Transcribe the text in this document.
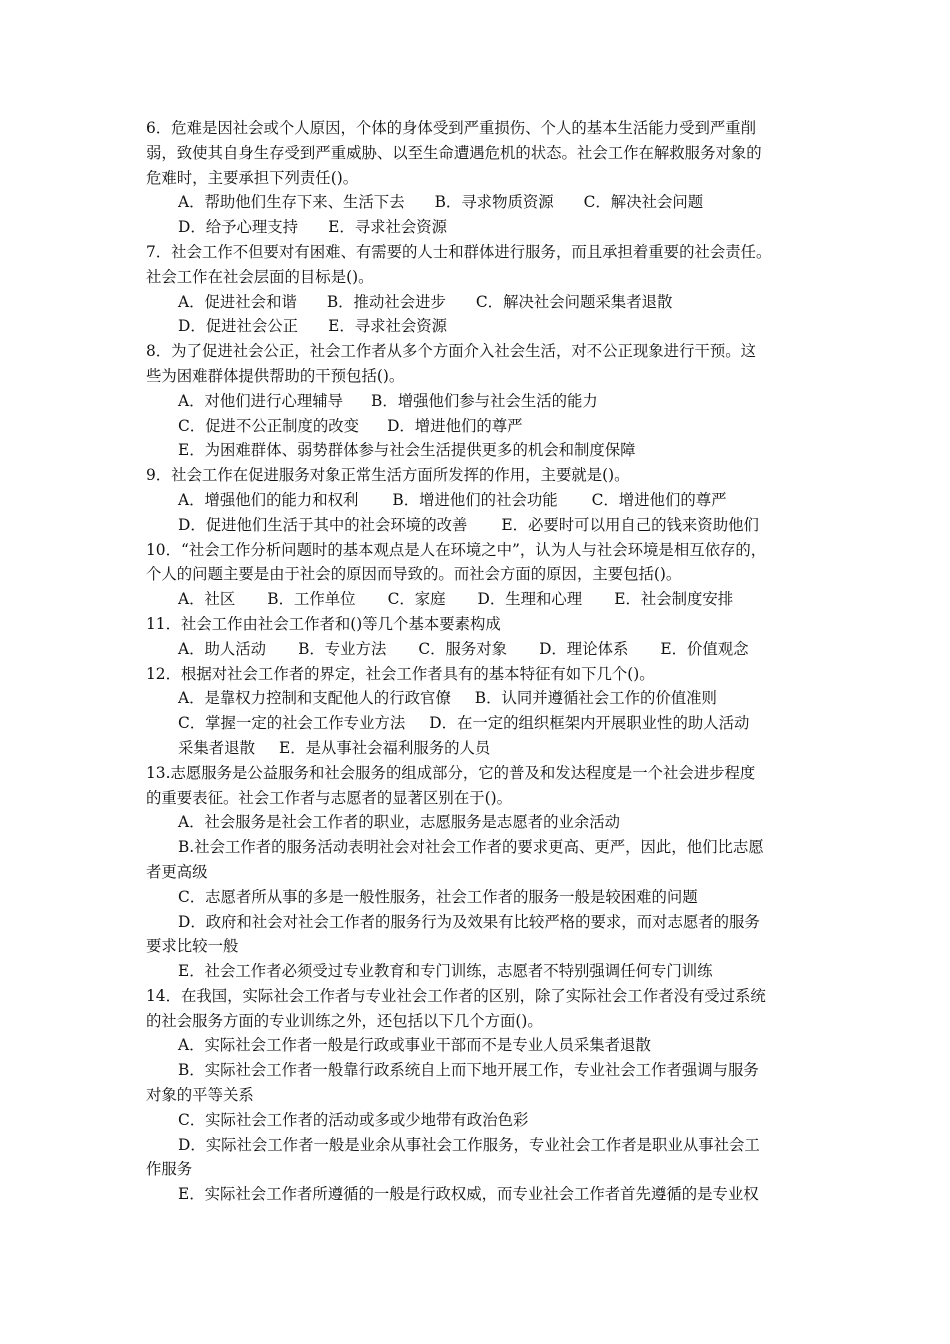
6．危难是因社会或个人原因，个体的身体受到严重损伤、个人的基本生活能力受到严重削
弱，致使其自身生存受到严重威胁、以至生命遭遇危机的状态。社会工作在解救服务对象的
危难时，主要承担下列责任()。
A．帮助他们生存下来、生活下去 B．寻求物质资源 C．解决社会问题
D．给予心理支持 E．寻求社会资源
7．社会工作不但要对有困难、有需要的人士和群体进行服务，而且承担着重要的社会责任。
社会工作在社会层面的目标是()。
A．促进社会和谐 B．推动社会进步 C．解决社会问题采集者退散
D．促进社会公正 E．寻求社会资源
8．为了促进社会公正，社会工作者从多个方面介入社会生活，对不公正现象进行干预。这
些为困难群体提供帮助的干预包括()。
A．对他们进行心理辅导 B．增强他们参与社会生活的能力
C．促进不公正制度的改变 D．增进他们的尊严
E．为困难群体、弱势群体参与社会生活提供更多的机会和制度保障
9．社会工作在促进服务对象正常生活方面所发挥的作用，主要就是()。
A．增强他们的能力和权利 B．增进他们的社会功能 C．增进他们的尊严
D．促进他们生活于其中的社会环境的改善 E．必要时可以用自己的钱来资助他们
10．“社会工作分析问题时的基本观点是人在环境之中”，认为人与社会环境是相互依存的，
个人的问题主要是由于社会的原因而导致的。而社会方面的原因，主要包括()。
A．社区 B．工作单位 C．家庭 D．生理和心理 E．社会制度安排
11．社会工作由社会工作者和()等几个基本要素构成
A．助人活动 B．专业方法 C．服务对象 D．理论体系 E．价值观念
12．根据对社会工作者的界定，社会工作者具有的基本特征有如下几个()。
A．是靠权力控制和支配他人的行政官僚 B．认同并遵循社会工作的价值准则
C．掌握一定的社会工作专业方法 D．在一定的组织框架内开展职业性的助人活动
采集者退散 E．是从事社会福利服务的人员
13.志愿服务是公益服务和社会服务的组成部分，它的普及和发达程度是一个社会进步程度
的重要表征。社会工作者与志愿者的显著区别在于()。
A．社会服务是社会工作者的职业，志愿服务是志愿者的业余活动
B.社会工作者的服务活动表明社会对社会工作者的要求更高、更严，因此，他们比志愿
者更高级
C．志愿者所从事的多是一般性服务，社会工作者的服务一般是较困难的问题
D．政府和社会对社会工作者的服务行为及效果有比较严格的要求，而对志愿者的服务
要求比较一般
E．社会工作者必须受过专业教育和专门训练，志愿者不特别强调任何专门训练
14．在我国，实际社会工作者与专业社会工作者的区别，除了实际社会工作者没有受过系统
的社会服务方面的专业训练之外，还包括以下几个方面()。
A．实际社会工作者一般是行政或事业干部而不是专业人员采集者退散
B．实际社会工作者一般靠行政系统自上而下地开展工作，专业社会工作者强调与服务
对象的平等关系
C．实际社会工作者的活动或多或少地带有政治色彩
D．实际社会工作者一般是业余从事社会工作服务，专业社会工作者是职业从事社会工
作服务
E．实际社会工作者所遵循的一般是行政权威，而专业社会工作者首先遵循的是专业权
